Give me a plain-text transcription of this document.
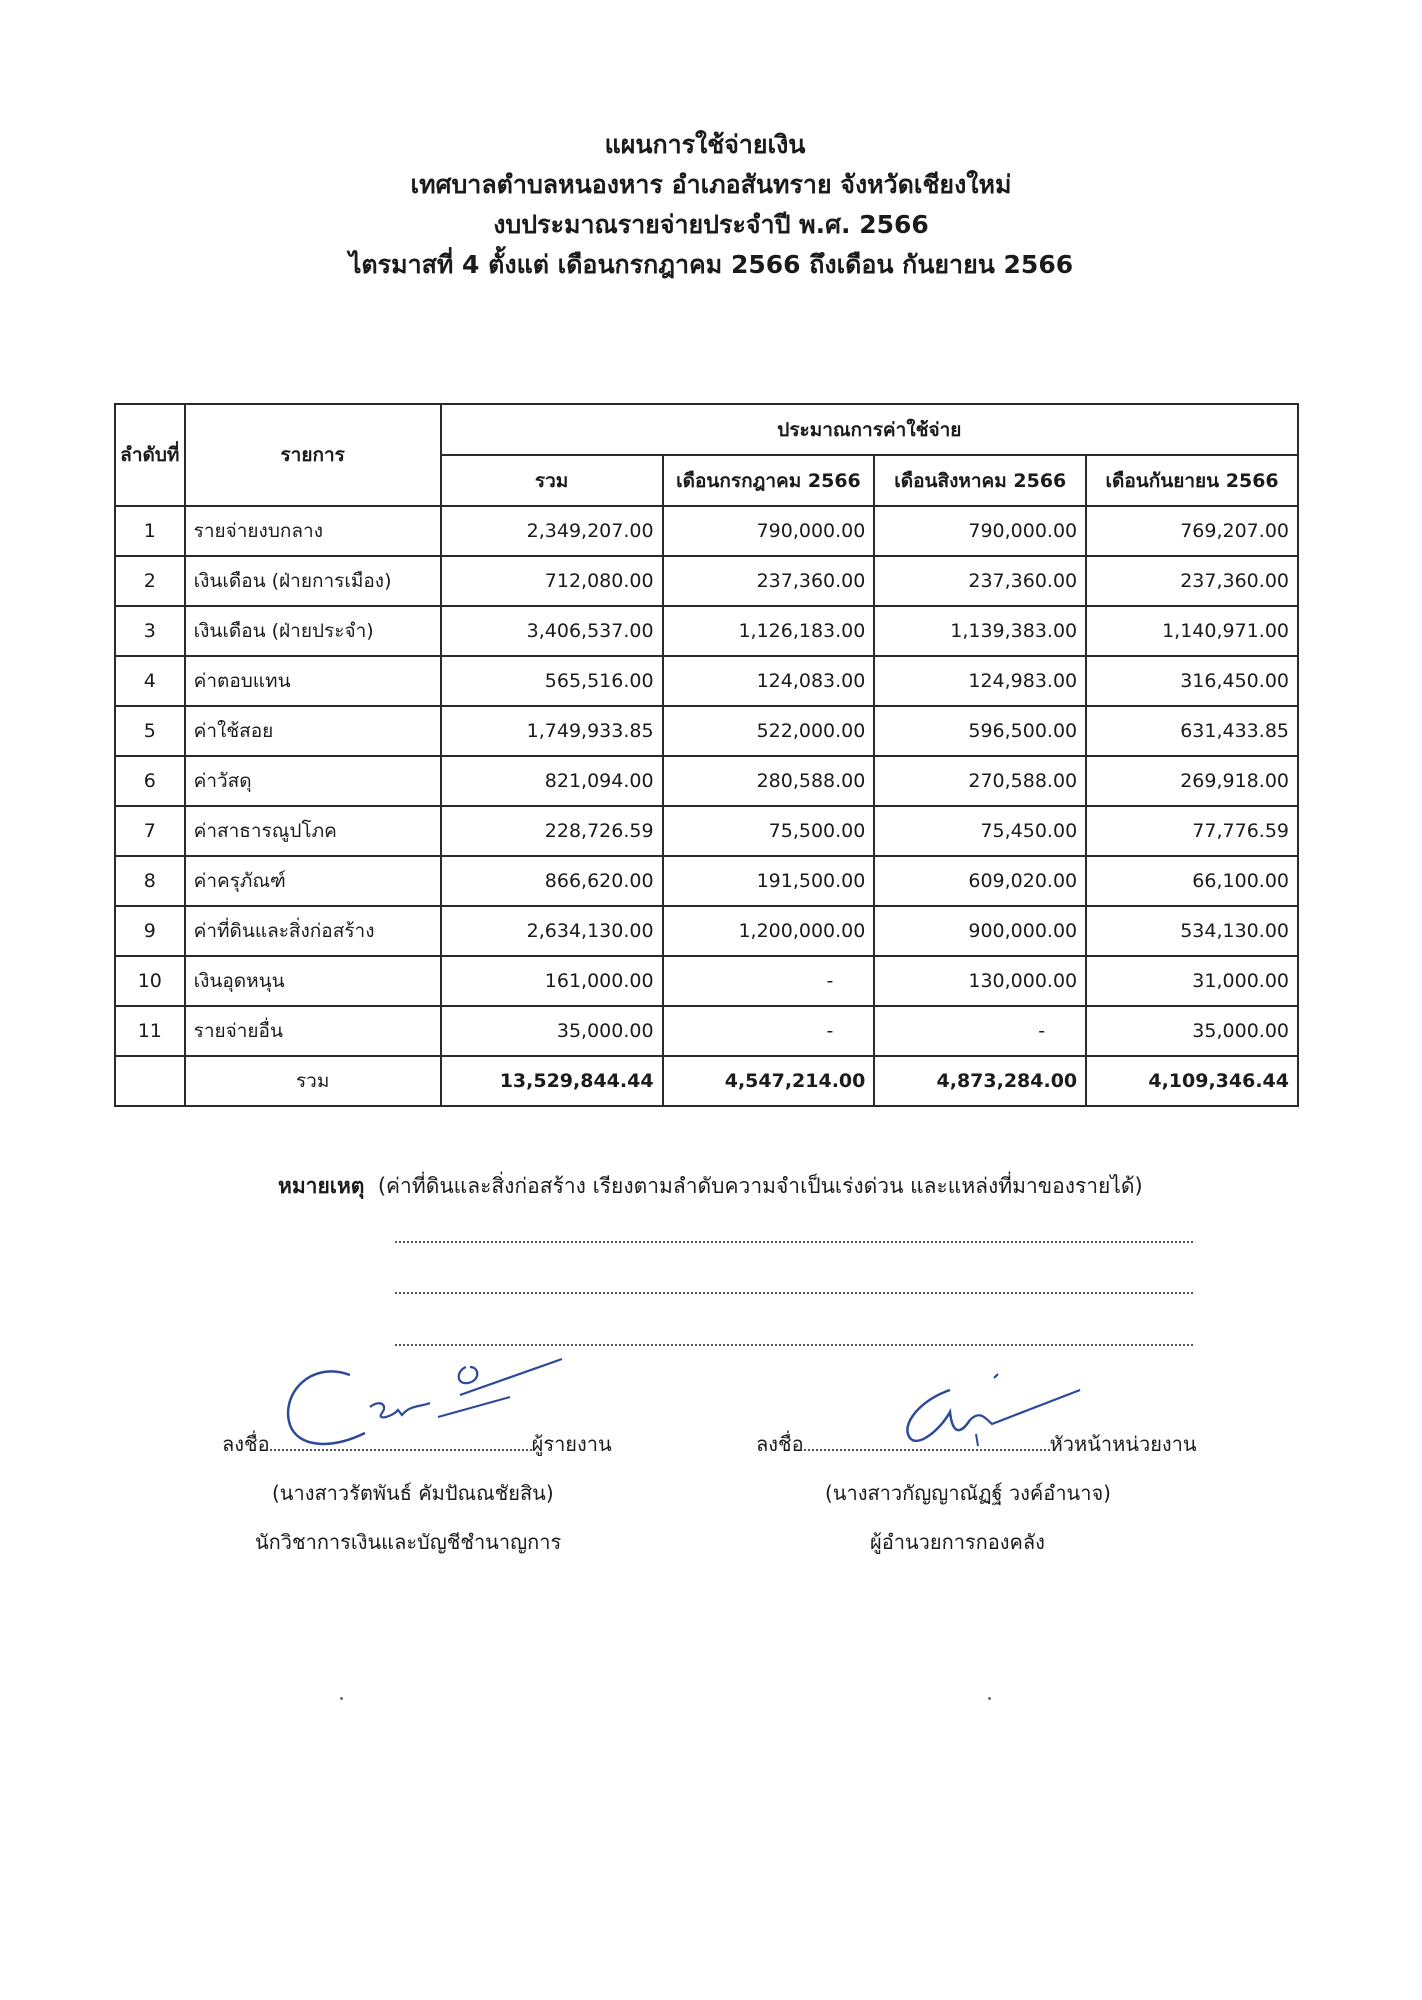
แผนการใช้จ่ายเงิน
เทศบาลตำบลหนองหาร อำเภอสันทราย จังหวัดเชียงใหม่
งบประมาณรายจ่ายประจำปี พ.ศ. 2566
ไตรมาสที่ 4 ตั้งแต่ เดือนกรกฎาคม 2566 ถึงเดือน กันยายน 2566
ลำดับที่	รายการ	ประมาณการค่าใช้จ่าย			
		รวม	เดือนกรกฎาคม 2566	เดือนสิงหาคม 2566	เดือนกันยายน 2566
1	รายจ่ายงบกลาง	2,349,207.00	790,000.00	790,000.00	769,207.00
2	เงินเดือน (ฝ่ายการเมือง)	712,080.00	237,360.00	237,360.00	237,360.00
3	เงินเดือน (ฝ่ายประจำ)	3,406,537.00	1,126,183.00	1,139,383.00	1,140,971.00
4	ค่าตอบแทน	565,516.00	124,083.00	124,983.00	316,450.00
5	ค่าใช้สอย	1,749,933.85	522,000.00	596,500.00	631,433.85
6	ค่าวัสดุ	821,094.00	280,588.00	270,588.00	269,918.00
7	ค่าสาธารณูปโภค	228,726.59	75,500.00	75,450.00	77,776.59
8	ค่าครุภัณฑ์	866,620.00	191,500.00	609,020.00	66,100.00
9	ค่าที่ดินและสิ่งก่อสร้าง	2,634,130.00	1,200,000.00	900,000.00	534,130.00
10	เงินอุดหนุน	161,000.00	-	130,000.00	31,000.00
11	รายจ่ายอื่น	35,000.00	-	-	35,000.00
	รวม	13,529,844.44	4,547,214.00	4,873,284.00	4,109,346.44
หมายเหตุ (ค่าที่ดินและสิ่งก่อสร้าง เรียงตามลำดับความจำเป็นเร่งด่วน และแหล่งที่มาของรายได้)
ลงชื่อ	ผู้รายงาน
(นางสาวรัตพันธ์ คัมปัณณชัยสิน)
นักวิชาการเงินและบัญชีชำนาญการ
ลงชื่อ	หัวหน้าหน่วยงาน
(นางสาวกัญญาณัฏฐ์ วงค์อำนาจ)
ผู้อำนวยการกองคลัง
